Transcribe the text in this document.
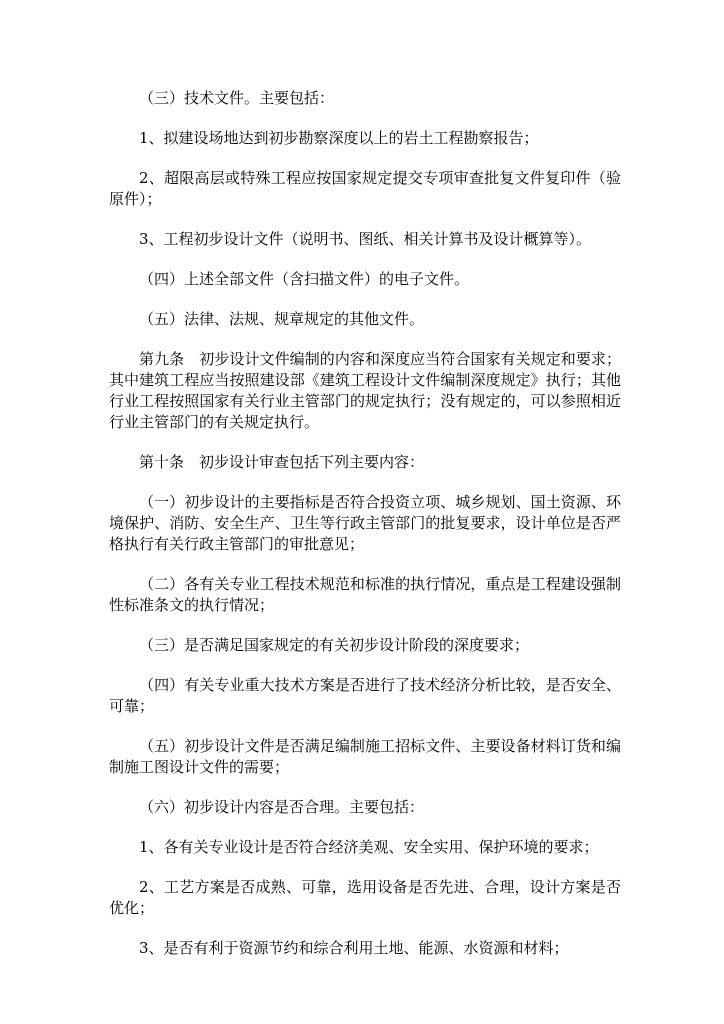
（三）技术文件。主要包括：

1、拟建设场地达到初步勘察深度以上的岩土工程勘察报告；

2、超限高层或特殊工程应按国家规定提交专项审查批复文件复印件（验原件）；

3、工程初步设计文件（说明书、图纸、相关计算书及设计概算等）。

（四）上述全部文件（含扫描文件）的电子文件。

（五）法律、法规、规章规定的其他文件。

第九条　初步设计文件编制的内容和深度应当符合国家有关规定和要求；其中建筑工程应当按照建设部《建筑工程设计文件编制深度规定》执行；其他行业工程按照国家有关行业主管部门的规定执行；没有规定的，可以参照相近行业主管部门的有关规定执行。

第十条　初步设计审查包括下列主要内容：

（一）初步设计的主要指标是否符合投资立项、城乡规划、国土资源、环境保护、消防、安全生产、卫生等行政主管部门的批复要求，设计单位是否严格执行有关行政主管部门的审批意见；

（二）各有关专业工程技术规范和标准的执行情况，重点是工程建设强制性标准条文的执行情况；

（三）是否满足国家规定的有关初步设计阶段的深度要求；

（四）有关专业重大技术方案是否进行了技术经济分析比较，是否安全、可靠；

（五）初步设计文件是否满足编制施工招标文件、主要设备材料订货和编制施工图设计文件的需要；

（六）初步设计内容是否合理。主要包括：

1、各有关专业设计是否符合经济美观、安全实用、保护环境的要求；

2、工艺方案是否成熟、可靠，选用设备是否先进、合理，设计方案是否优化；

3、是否有利于资源节约和综合利用土地、能源、水资源和材料；
